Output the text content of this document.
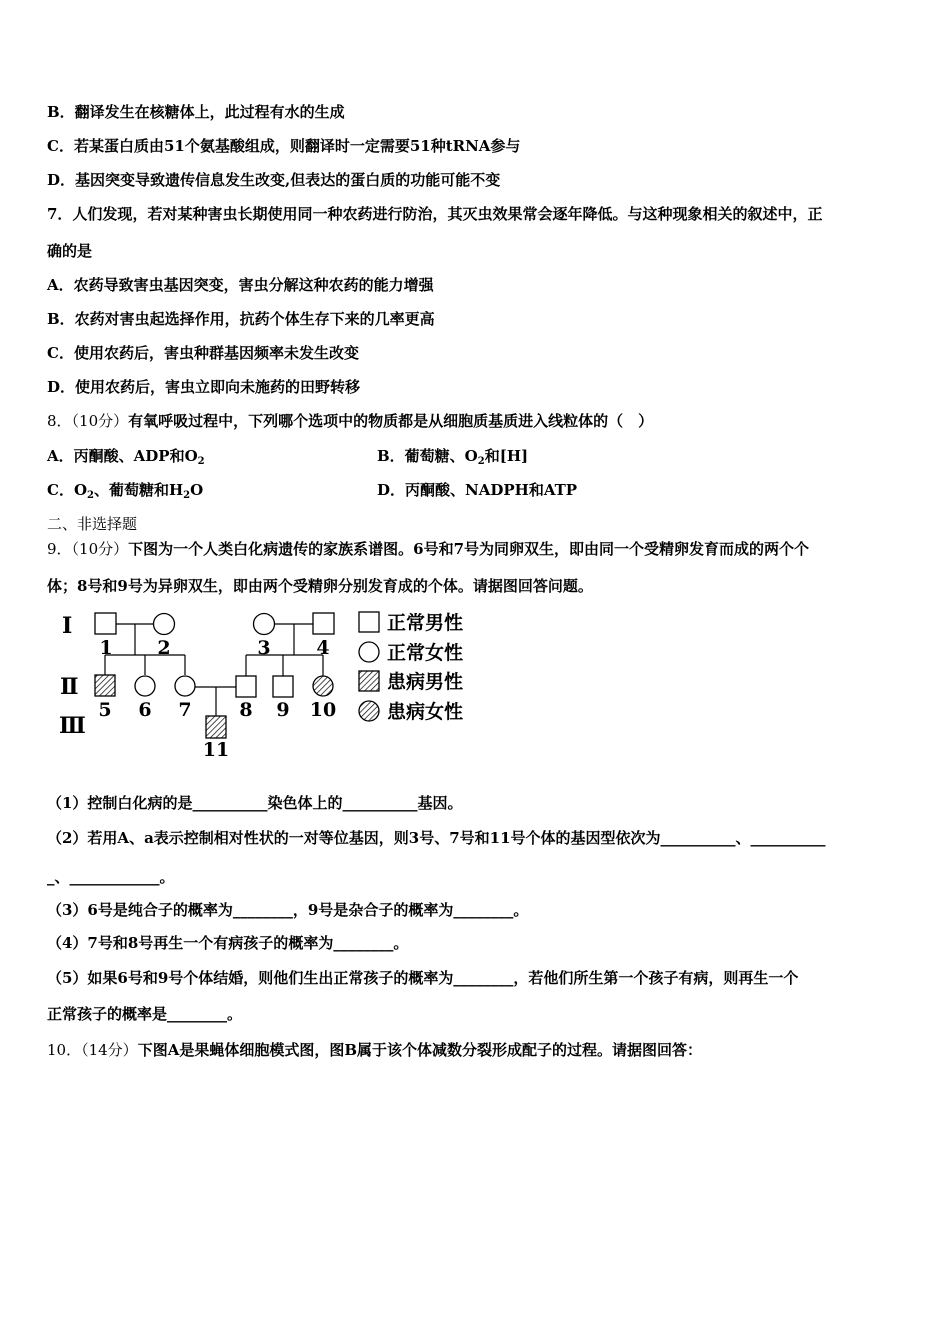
B．翻译发生在核糖体上，此过程有水的生成
C．若某蛋白质由51个氨基酸组成，则翻译时一定需要51种tRNA参与
D．基因突变导致遗传信息发生改变,但表达的蛋白质的功能可能不变
7．人们发现，若对某种害虫长期使用同一种农药进行防治，其灭虫效果常会逐年降低。与这种现象相关的叙述中，正
确的是
A．农药导致害虫基因突变，害虫分解这种农药的能力增强
B．农药对害虫起选择作用，抗药个体生存下来的几率更高
C．使用农药后，害虫种群基因频率未发生改变
D．使用农药后，害虫立即向未施药的田野转移
8．（10分）有氧呼吸过程中，下列哪个选项中的物质都是从细胞质基质进入线粒体的（　）
A．丙酮酸、ADP和$O_2$	B．葡萄糖、$O_2$和[H]
C．$O_2$、葡萄糖和$H_2O$	D．丙酮酸、NADPH和ATP
二、非选择题
9．（10分）下图为一个人类白化病遗传的家族系谱图。6号和7号为同卵双生，即由同一个受精卵发育而成的两个个
体；8号和9号为异卵双生，即由两个受精卵分别发育成的个体。请据图回答问题。
Ⅰ
Ⅱ
Ⅲ
1 2	3 4
5 6 7	8 9 10
11
正常男性
正常女性
患病男性
患病女性
（1）控制白化病的是__________染色体上的__________基因。
（2）若用A、a表示控制相对性状的一对等位基因，则3号、7号和11号个体的基因型依次为__________、__________
_、____________。
（3）6号是纯合子的概率为________，9号是杂合子的概率为________。
（4）7号和8号再生一个有病孩子的概率为________。
（5）如果6号和9号个体结婚，则他们生出正常孩子的概率为________，若他们所生第一个孩子有病，则再生一个
正常孩子的概率是________。
10．（14分）下图A是果蝇体细胞模式图，图B属于该个体减数分裂形成配子的过程。请据图回答：
